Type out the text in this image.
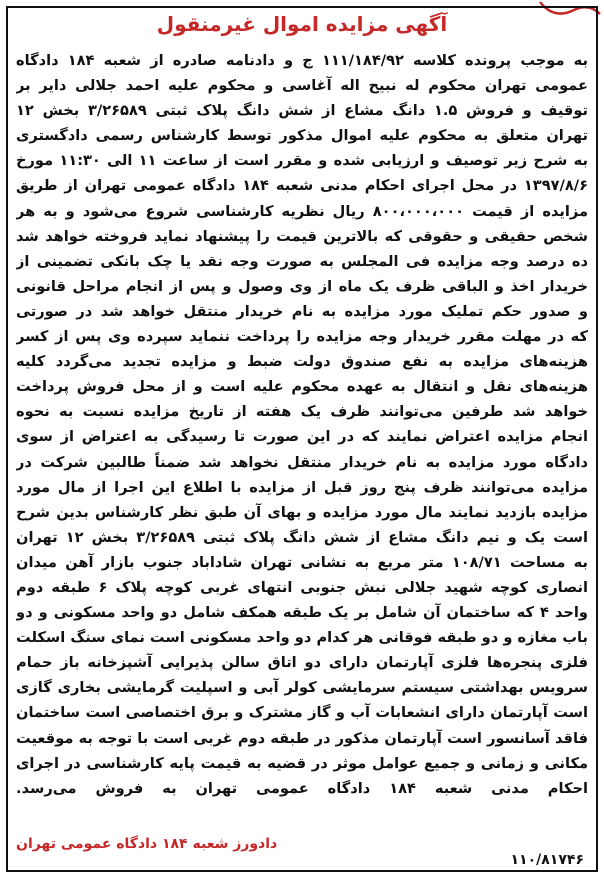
آگهی مزایده اموال غیرمنقول
به موجب پرونده کلاسه ۱۱۱/۱۸۴/۹۲ ج و دادنامه صادره از شعبه ۱۸۴ دادگاه
عمومی تهران محکوم له نبیح اله آغاسی و محکوم علیه احمد جلالی دایر بر
توقیف و فروش ۱.۵ دانگ مشاع از شش دانگ پلاک ثبتی ۳/۲۶۵۸۹ بخش ۱۲
تهران متعلق به محکوم علیه اموال مذکور توسط کارشناس رسمی دادگستری
به شرح زیر توصیف و ارزیابی شده و مقرر است از ساعت ۱۱ الی ۱۱:۳۰ مورخ
۱۳۹۷/۸/۶ در محل اجرای احکام مدنی شعبه ۱۸۴ دادگاه عمومی تهران از طریق
مزایده از قیمت ۸۰۰،۰۰۰،۰۰۰ ریال نظریه کارشناسی شروع می‌شود و به هر
شخص حقیقی و حقوقی که بالاترین قیمت را پیشنهاد نماید فروخته خواهد شد
ده درصد وجه مزایده فی المجلس به صورت وجه نقد یا چک بانکی تضمینی از
خریدار اخذ و الباقی ظرف یک ماه از وی وصول و پس از انجام مراحل قانونی
و صدور حکم تملیک مورد مزایده به نام خریدار منتقل خواهد شد در صورتی
که در مهلت مقرر خریدار وجه مزایده را پرداخت ننماید سپرده وی پس از کسر
هزینه‌های مزایده به نفع صندوق دولت ضبط و مزایده تجدید می‌گردد کلیه
هزینه‌های نقل و انتقال به عهده محکوم علیه است و از محل فروش پرداخت
خواهد شد طرفین می‌توانند ظرف یک هفته از تاریخ مزایده نسبت به نحوه
انجام مزایده اعتراض نمایند که در این صورت تا رسیدگی به اعتراض از سوی
دادگاه مورد مزایده به نام خریدار منتقل نخواهد شد ضمناً طالبین شرکت در
مزایده می‌توانند ظرف پنج روز قبل از مزایده با اطلاع این اجرا از مال مورد
مزایده بازدید نمایند مال مورد مزایده و بهای آن طبق نظر کارشناس بدین شرح
است یک و نیم دانگ مشاع از شش دانگ پلاک ثبتی ۳/۲۶۵۸۹ بخش ۱۲ تهران
به مساحت ۱۰۸/۷۱ متر مربع به نشانی تهران شاداباد جنوب بازار آهن میدان
انصاری کوچه شهید جلالی نبش جنوبی انتهای غربی کوچه پلاک ۶ طبقه دوم
واحد ۴ که ساختمان آن شامل بر یک طبقه همکف شامل دو واحد مسکونی و دو
باب مغازه و دو طبقه فوقانی هر کدام دو واحد مسکونی است نمای سنگ اسکلت
فلزی پنجره‌ها فلزی آپارتمان دارای دو اتاق سالن پذیرایی آشپزخانه باز حمام
سرویس بهداشتی سیستم سرمایشی کولر آبی و اسپلیت گرمایشی بخاری گازی
است آپارتمان دارای انشعابات آب و گاز مشترک و برق اختصاصی است ساختمان
فاقد آسانسور است آپارتمان مذکور در طبقه دوم غربی است با توجه به موقعیت
مکانی و زمانی و جمیع عوامل موثر در قضیه به قیمت پایه کارشناسی در اجرای
احکام مدنی شعبه ۱۸۴ دادگاه عمومی تهران به فروش می‌رسد.
دادورز شعبه ۱۸۴ دادگاه عمومی تهران
۱۱۰/۸۱۷۴۶
